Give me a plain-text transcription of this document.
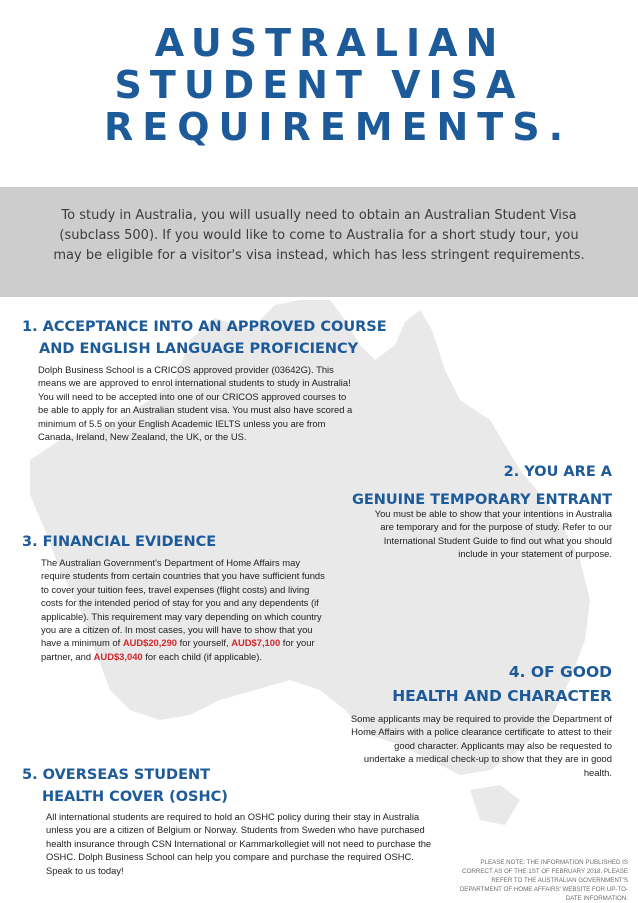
AUSTRALIAN
STUDENT VISA
REQUIREMENTS.

To study in Australia, you will usually need to obtain an Australian Student Visa (subclass 500). If you would like to come to Australia for a short study tour, you may be eligible for a visitor's visa instead, which has less stringent requirements.

1. ACCEPTANCE INTO AN APPROVED COURSE
AND ENGLISH LANGUAGE PROFICIENCY

Dolph Business School is a CRICOS approved provider (03642G). This means we are approved to enrol international students to study in Australia! You will need to be accepted into one of our CRICOS approved courses to be able to apply for an Australian student visa. You must also have scored a minimum of 5.5 on your English Academic IELTS unless you are from Canada, Ireland, New Zealand, the UK, or the US.

2. YOU ARE A
GENUINE TEMPORARY ENTRANT

You must be able to show that your intentions in Australia are temporary and for the purpose of study. Refer to our International Student Guide to find out what you should include in your statement of purpose.

3. FINANCIAL EVIDENCE

The Australian Government's Department of Home Affairs may require students from certain countries that you have sufficient funds to cover your tuition fees, travel expenses (flight costs) and living costs for the intended period of stay for you and any dependents (if applicable). This requirement may vary depending on which country you are a citizen of. In most cases, you will have to show that you have a minimum of AUD$20,290 for yourself, AUD$7,100 for your partner, and AUD$3,040 for each child (if applicable).

4. OF GOOD
HEALTH AND CHARACTER

Some applicants may be required to provide the Department of Home Affairs with a police clearance certificate to attest to their good character. Applicants may also be requested to undertake a medical check-up to show that they are in good health.

5. OVERSEAS STUDENT
HEALTH COVER (OSHC)

All international students are required to hold an OSHC policy during their stay in Australia unless you are a citizen of Belgium or Norway. Students from Sweden who have purchased health insurance through CSN International or Kammarkollegiet will not need to purchase the OSHC. Dolph Business School can help you compare and purchase the required OSHC. Speak to us today!

PLEASE NOTE: THE INFORMATION PUBLISHED IS CORRECT AS OF THE 1ST OF FEBRUARY 2018. PLEASE REFER TO THE AUSTRALIAN GOVERNMENT'S DEPARTMENT OF HOME AFFAIRS' WEBSITE FOR UP-TO-DATE INFORMATION.
